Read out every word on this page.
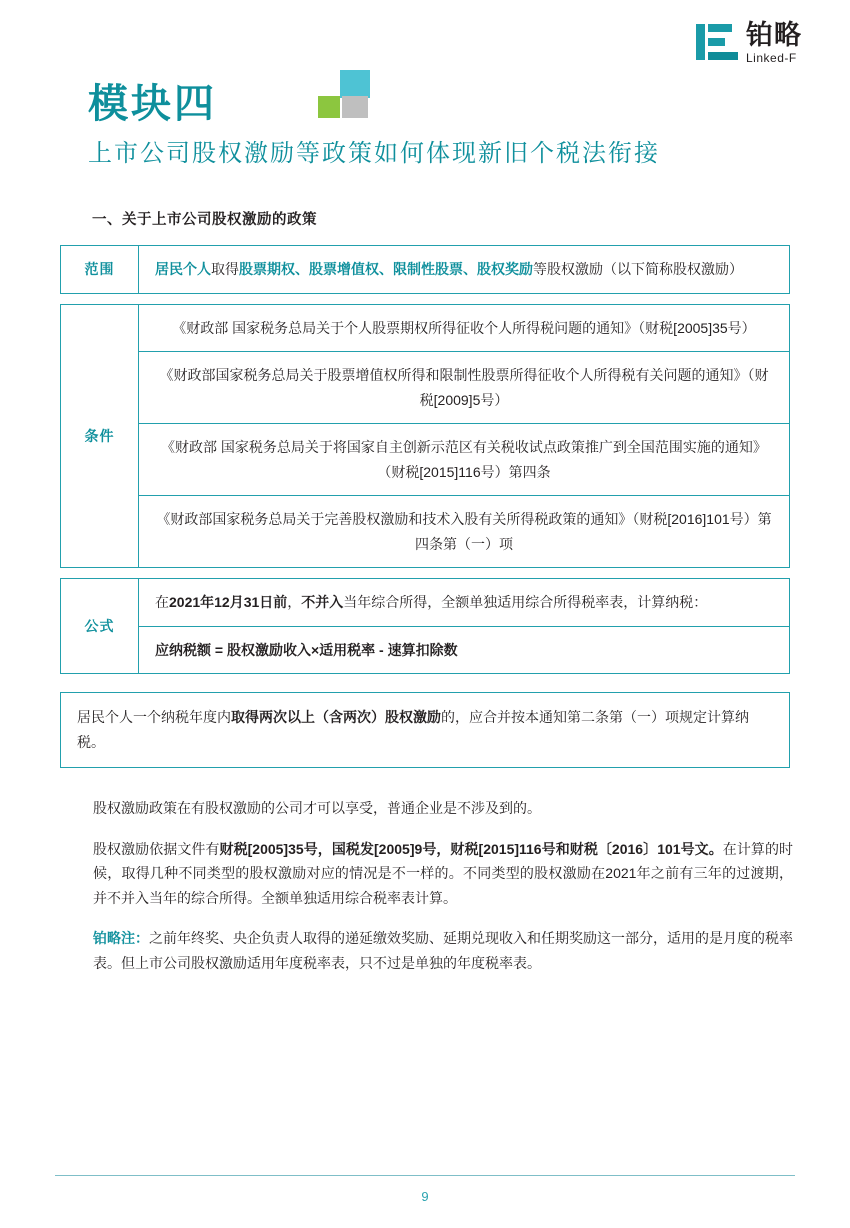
铂略
Linked-F
模块四
上市公司股权激励等政策如何体现新旧个税法衔接
一、关于上市公司股权激励的政策
范围	居民个人取得股票期权、股票增值权、限制性股票、股权奖励等股权激励（以下简称股权激励）
条件
《财政部 国家税务总局关于个人股票期权所得征收个人所得税问题的通知》（财税[2005]35号）
《财政部国家税务总局关于股票增值权所得和限制性股票所得征收个人所得税有关问题的通知》（财税[2009]5号）
《财政部 国家税务总局关于将国家自主创新示范区有关税收试点政策推广到全国范围实施的通知》（财税[2015]116号）第四条
《财政部国家税务总局关于完善股权激励和技术入股有关所得税政策的通知》（财税[2016]101号）第四条第（一）项
公式
在2021年12月31日前，不并入当年综合所得，全额单独适用综合所得税率表，计算纳税：
应纳税额 = 股权激励收入×适用税率 - 速算扣除数
居民个人一个纳税年度内取得两次以上（含两次）股权激励的，应合并按本通知第二条第（一）项规定计算纳税。

股权激励政策在有股权激励的公司才可以享受，普通企业是不涉及到的。

股权激励依据文件有财税[2005]35号，国税发[2005]9号，财税[2015]116号和财税〔2016〕101号文。在计算的时候，取得几种不同类型的股权激励对应的情况是不一样的。不同类型的股权激励在2021年之前有三年的过渡期，并不并入当年的综合所得。全额单独适用综合税率表计算。

铂略注：之前年终奖、央企负责人取得的递延缴效奖励、延期兑现收入和任期奖励这一部分，适用的是月度的税率表。但上市公司股权激励适用年度税率表，只不过是单独的年度税率表。

9
